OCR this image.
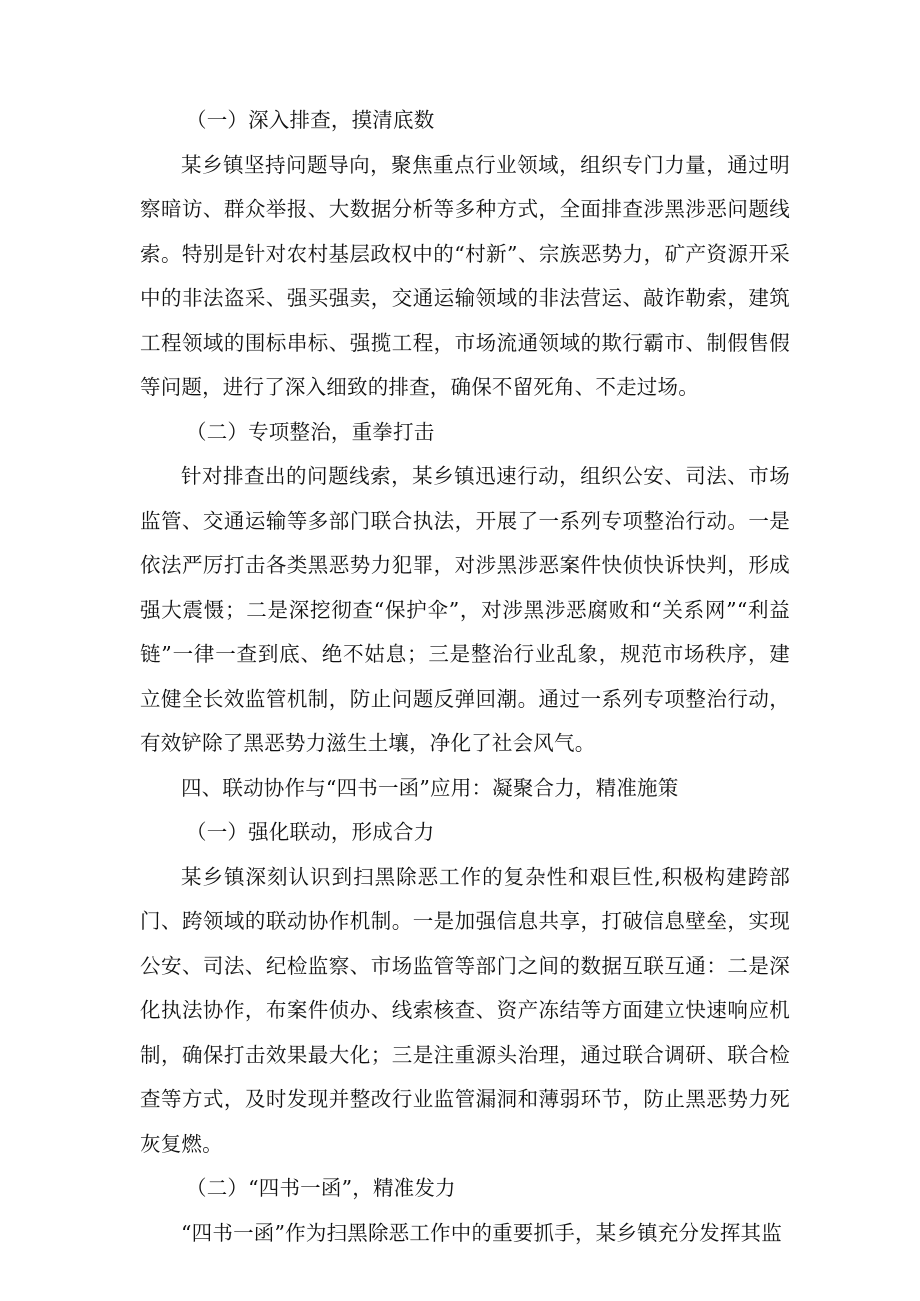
（一）深入排查，摸清底数

某乡镇坚持问题导向，聚焦重点行业领域，组织专门力量，通过明察暗访、群众举报、大数据分析等多种方式，全面排查涉黑涉恶问题线索。特别是针对农村基层政权中的“村新”、宗族恶势力，矿产资源开采中的非法盗采、强买强卖，交通运输领域的非法营运、敲诈勒索，建筑工程领域的围标串标、强揽工程，市场流通领域的欺行霸市、制假售假等问题，进行了深入细致的排查，确保不留死角、不走过场。

（二）专项整治，重拳打击

针对排查出的问题线索，某乡镇迅速行动，组织公安、司法、市场监管、交通运输等多部门联合执法，开展了一系列专项整治行动。一是依法严厉打击各类黑恶势力犯罪，对涉黑涉恶案件快侦快诉快判，形成强大震慑；二是深挖彻查“保护伞”，对涉黑涉恶腐败和“关系网”“利益链”一律一查到底、绝不姑息；三是整治行业乱象，规范市场秩序，建立健全长效监管机制，防止问题反弹回潮。通过一系列专项整治行动，有效铲除了黑恶势力滋生土壤，净化了社会风气。

四、联动协作与“四书一函”应用：凝聚合力，精准施策

（一）强化联动，形成合力

某乡镇深刻认识到扫黑除恶工作的复杂性和艰巨性,积极构建跨部门、跨领域的联动协作机制。一是加强信息共享，打破信息壁垒，实现公安、司法、纪检监察、市场监管等部门之间的数据互联互通：二是深化执法协作，布案件侦办、线索核查、资产冻结等方面建立快速响应机制，确保打击效果最大化；三是注重源头治理，通过联合调研、联合检查等方式，及时发现并整改行业监管漏洞和薄弱环节，防止黑恶势力死灰复燃。

（二）“四书一函”，精准发力

“四书一函”作为扫黑除恶工作中的重要抓手，某乡镇充分发挥其监
